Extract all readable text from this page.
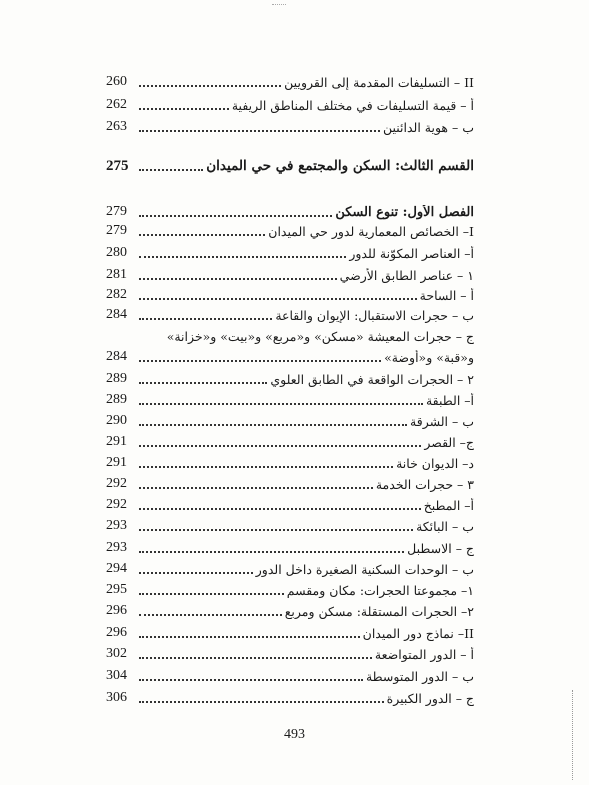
260	II – التسليفات المقدمة إلى القرويين
262	أ – قيمة التسليفات في مختلف المناطق الريفية
263	ب – هوية الدائنين
275	القسم الثالث: السكن والمجتمع في حي الميدان
279	الفصل الأول: تنوع السكن
279	I– الخصائص المعمارية لدور حي الميدان
280	أ– العناصر المكوّنة للدور
281	١ – عناصر الطابق الأرضي
282	أ – الساحة
284	ب – حجرات الاستقبال: الإيوان والقاعة
ج – حجرات المعيشة «مسكن» و«مربع» و«بيت» و«خزانة»
284	و«قبة» و«أوضة»
289	٢ – الحجرات الواقعة في الطابق العلوي
289	أ– الطبقة
290	ب – الشرقة
291	ج– القصر
291	د– الديوان خانة
292	٣ – حجرات الخدمة
292	أ– المطبخ
293	ب – البائكة
293	ج – الاسطبل
294	ب – الوحدات السكنية الصغيرة داخل الدور
295	١– مجموعتا الحجرات: مكان ومقسم
296	٢– الحجرات المستقلة: مسكن ومربع
296	II– نماذج دور الميدان
302	أ – الدور المتواضعة
304	ب – الدور المتوسطة
306	ج – الدور الكبيرة
493
